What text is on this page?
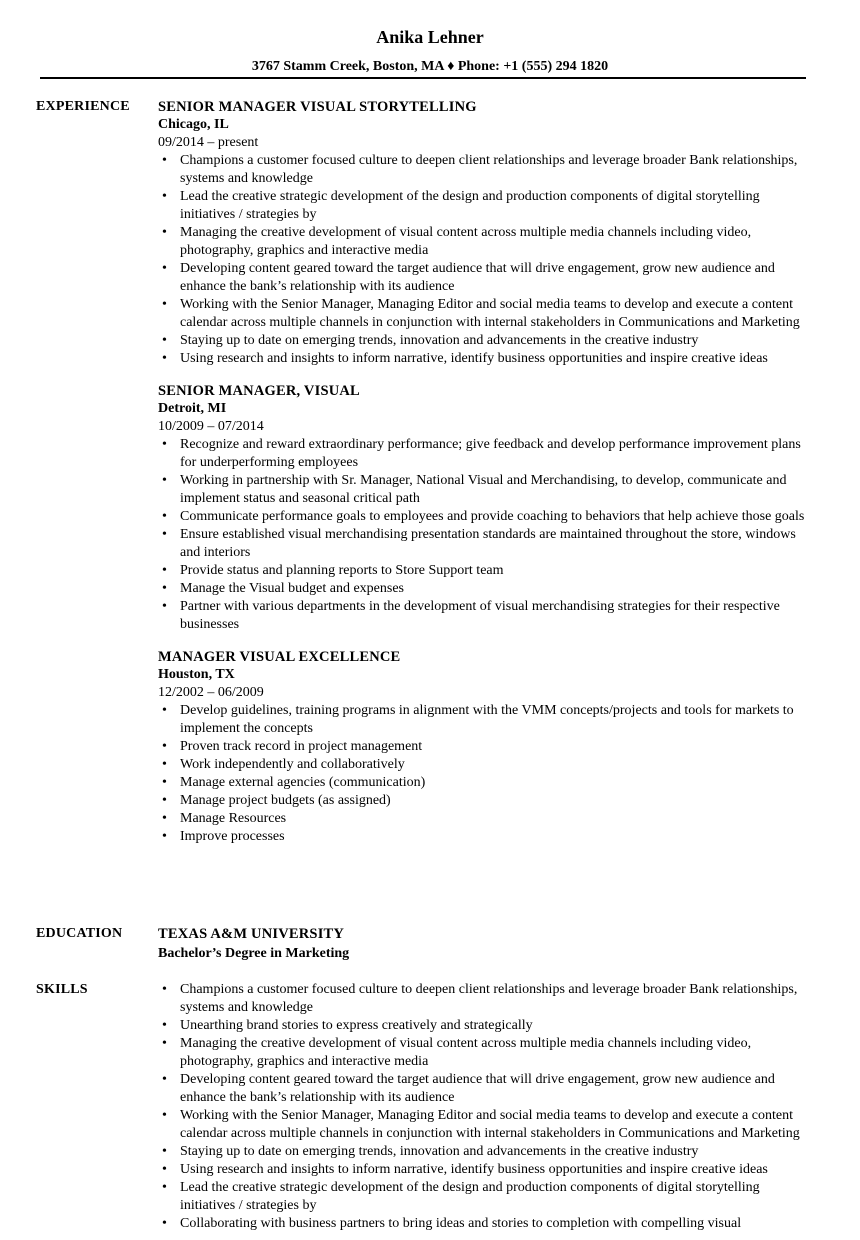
Anika Lehner
3767 Stamm Creek, Boston, MA ♦ Phone: +1 (555) 294 1820
EXPERIENCE SENIOR MANAGER VISUAL STORYTELLING
Chicago, IL
09/2014 – present
• Champions a customer focused culture to deepen client relationships and leverage broader Bank relationships, systems and knowledge
• Lead the creative strategic development of the design and production components of digital storytelling initiatives / strategies by
• Managing the creative development of visual content across multiple media channels including video, photography, graphics and interactive media
• Developing content geared toward the target audience that will drive engagement, grow new audience and enhance the bank’s relationship with its audience
• Working with the Senior Manager, Managing Editor and social media teams to develop and execute a content calendar across multiple channels in conjunction with internal stakeholders in Communications and Marketing
• Staying up to date on emerging trends, innovation and advancements in the creative industry
• Using research and insights to inform narrative, identify business opportunities and inspire creative ideas
SENIOR MANAGER, VISUAL
Detroit, MI
10/2009 – 07/2014
• Recognize and reward extraordinary performance; give feedback and develop performance improvement plans for underperforming employees
• Working in partnership with Sr. Manager, National Visual and Merchandising, to develop, communicate and implement status and seasonal critical path
• Communicate performance goals to employees and provide coaching to behaviors that help achieve those goals
• Ensure established visual merchandising presentation standards are maintained throughout the store, windows and interiors
• Provide status and planning reports to Store Support team
• Manage the Visual budget and expenses
• Partner with various departments in the development of visual merchandising strategies for their respective businesses
MANAGER VISUAL EXCELLENCE
Houston, TX
12/2002 – 06/2009
• Develop guidelines, training programs in alignment with the VMM concepts/projects and tools for markets to implement the concepts
• Proven track record in project management
• Work independently and collaboratively
• Manage external agencies (communication)
• Manage project budgets (as assigned)
• Manage Resources
• Improve processes
EDUCATION TEXAS A&M UNIVERSITY
Bachelor’s Degree in Marketing
SKILLS
•	Champions a customer focused culture to deepen client relationships and leverage broader Bank relationships, systems and knowledge
• Unearthing brand stories to express creatively and strategically
• Managing the creative development of visual content across multiple media channels including video, photography, graphics and interactive media
• Developing content geared toward the target audience that will drive engagement, grow new audience and enhance the bank’s relationship with its audience
• Working with the Senior Manager, Managing Editor and social media teams to develop and execute a content calendar across multiple channels in conjunction with internal stakeholders in Communications and Marketing
• Staying up to date on emerging trends, innovation and advancements in the creative industry
• Using research and insights to inform narrative, identify business opportunities and inspire creative ideas
• Lead the creative strategic development of the design and production components of digital storytelling initiatives / strategies by
• Collaborating with business partners to bring ideas and stories to completion with compelling visual
